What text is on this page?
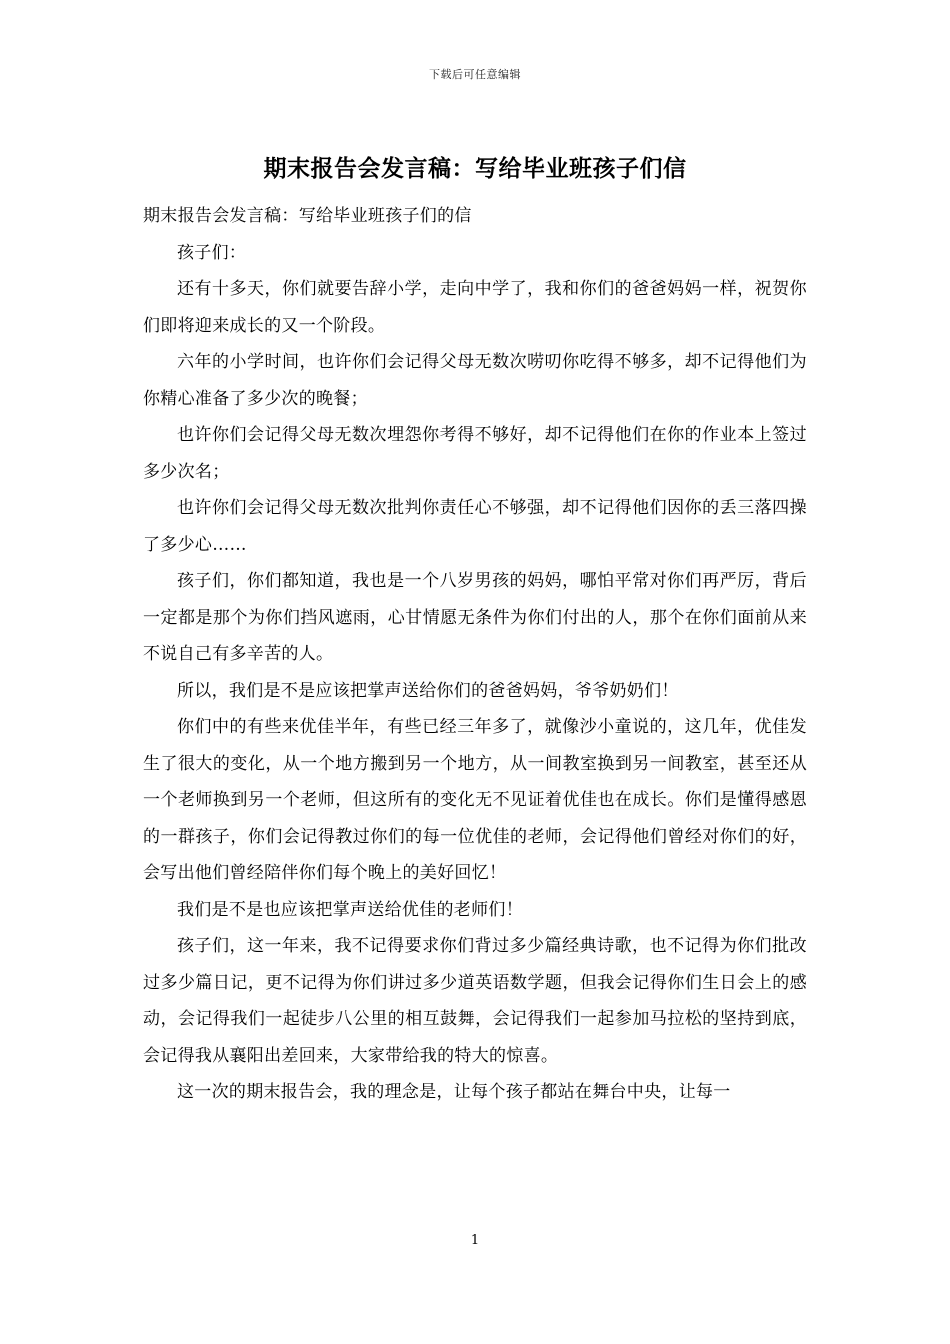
下载后可任意编辑
期末报告会发言稿：写给毕业班孩子们信

期末报告会发言稿：写给毕业班孩子们的信

孩子们：

还有十多天，你们就要告辞小学，走向中学了，我和你们的爸爸妈妈一样，祝贺你们即将迎来成长的又一个阶段。

六年的小学时间，也许你们会记得父母无数次唠叨你吃得不够多，却不记得他们为你精心准备了多少次的晚餐；

也许你们会记得父母无数次埋怨你考得不够好，却不记得他们在你的作业本上签过多少次名；

也许你们会记得父母无数次批判你责任心不够强，却不记得他们因你的丢三落四操了多少心……

孩子们，你们都知道，我也是一个八岁男孩的妈妈，哪怕平常对你们再严厉，背后一定都是那个为你们挡风遮雨，心甘情愿无条件为你们付出的人，那个在你们面前从来不说自己有多辛苦的人。

所以，我们是不是应该把掌声送给你们的爸爸妈妈，爷爷奶奶们！

你们中的有些来优佳半年，有些已经三年多了，就像沙小童说的，这几年，优佳发生了很大的变化，从一个地方搬到另一个地方，从一间教室换到另一间教室，甚至还从一个老师换到另一个老师，但这所有的变化无不见证着优佳也在成长。你们是懂得感恩的一群孩子，你们会记得教过你们的每一位优佳的老师，会记得他们曾经对你们的好，会写出他们曾经陪伴你们每个晚上的美好回忆！

我们是不是也应该把掌声送给优佳的老师们！

孩子们，这一年来，我不记得要求你们背过多少篇经典诗歌，也不记得为你们批改过多少篇日记，更不记得为你们讲过多少道英语数学题，但我会记得你们生日会上的感动，会记得我们一起徒步八公里的相互鼓舞，会记得我们一起参加马拉松的坚持到底，会记得我从襄阳出差回来，大家带给我的特大的惊喜。

这一次的期末报告会，我的理念是，让每个孩子都站在舞台中央，让每一

1
